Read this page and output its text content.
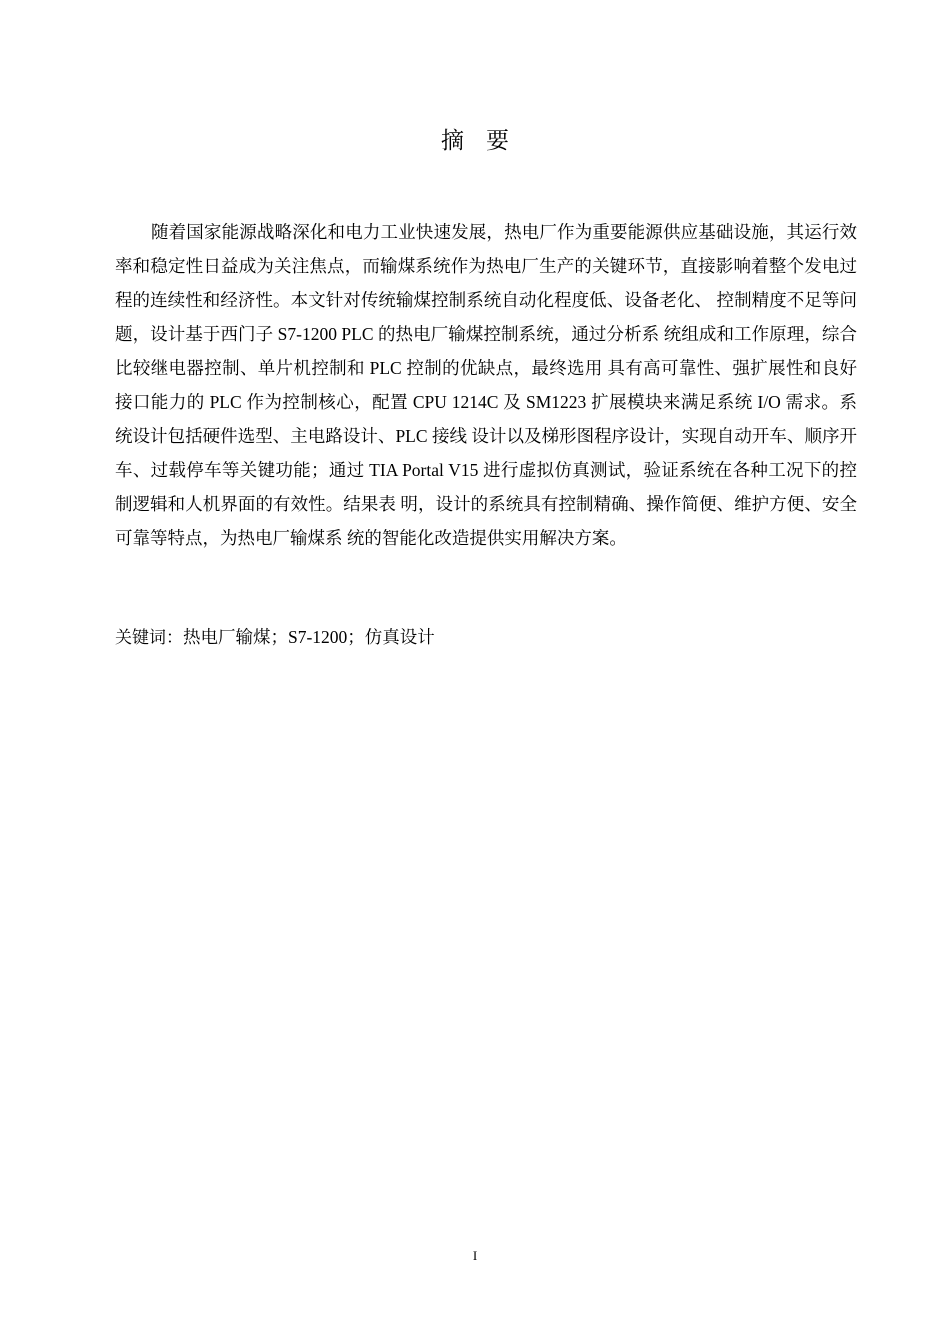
摘要

随着国家能源战略深化和电力工业快速发展，热电厂作为重要能源供应基础设施，其运行效率和稳定性日益成为关注焦点，而输煤系统作为热电厂生产的关键环节，直接影响着整个发电过程的连续性和经济性。本文针对传统输煤控制系统自动化程度低、设备老化、 控制精度不足等问题，设计基于西门子 S7-1200 PLC 的热电厂输煤控制系统，通过分析系 统组成和工作原理，综合比较继电器控制、单片机控制和 PLC 控制的优缺点，最终选用 具有高可靠性、强扩展性和良好接口能力的 PLC 作为控制核心，配置 CPU 1214C 及 SM1223 扩展模块来满足系统 I/O 需求。系统设计包括硬件选型、主电路设计、PLC 接线 设计以及梯形图程序设计，实现自动开车、顺序开车、过载停车等关键功能；通过 TIA Portal V15 进行虚拟仿真测试，验证系统在各种工况下的控制逻辑和人机界面的有效性。结果表 明，设计的系统具有控制精确、操作简便、维护方便、安全可靠等特点，为热电厂输煤系 统的智能化改造提供实用解决方案。

关键词：热电厂输煤；S7-1200；仿真设计
I
